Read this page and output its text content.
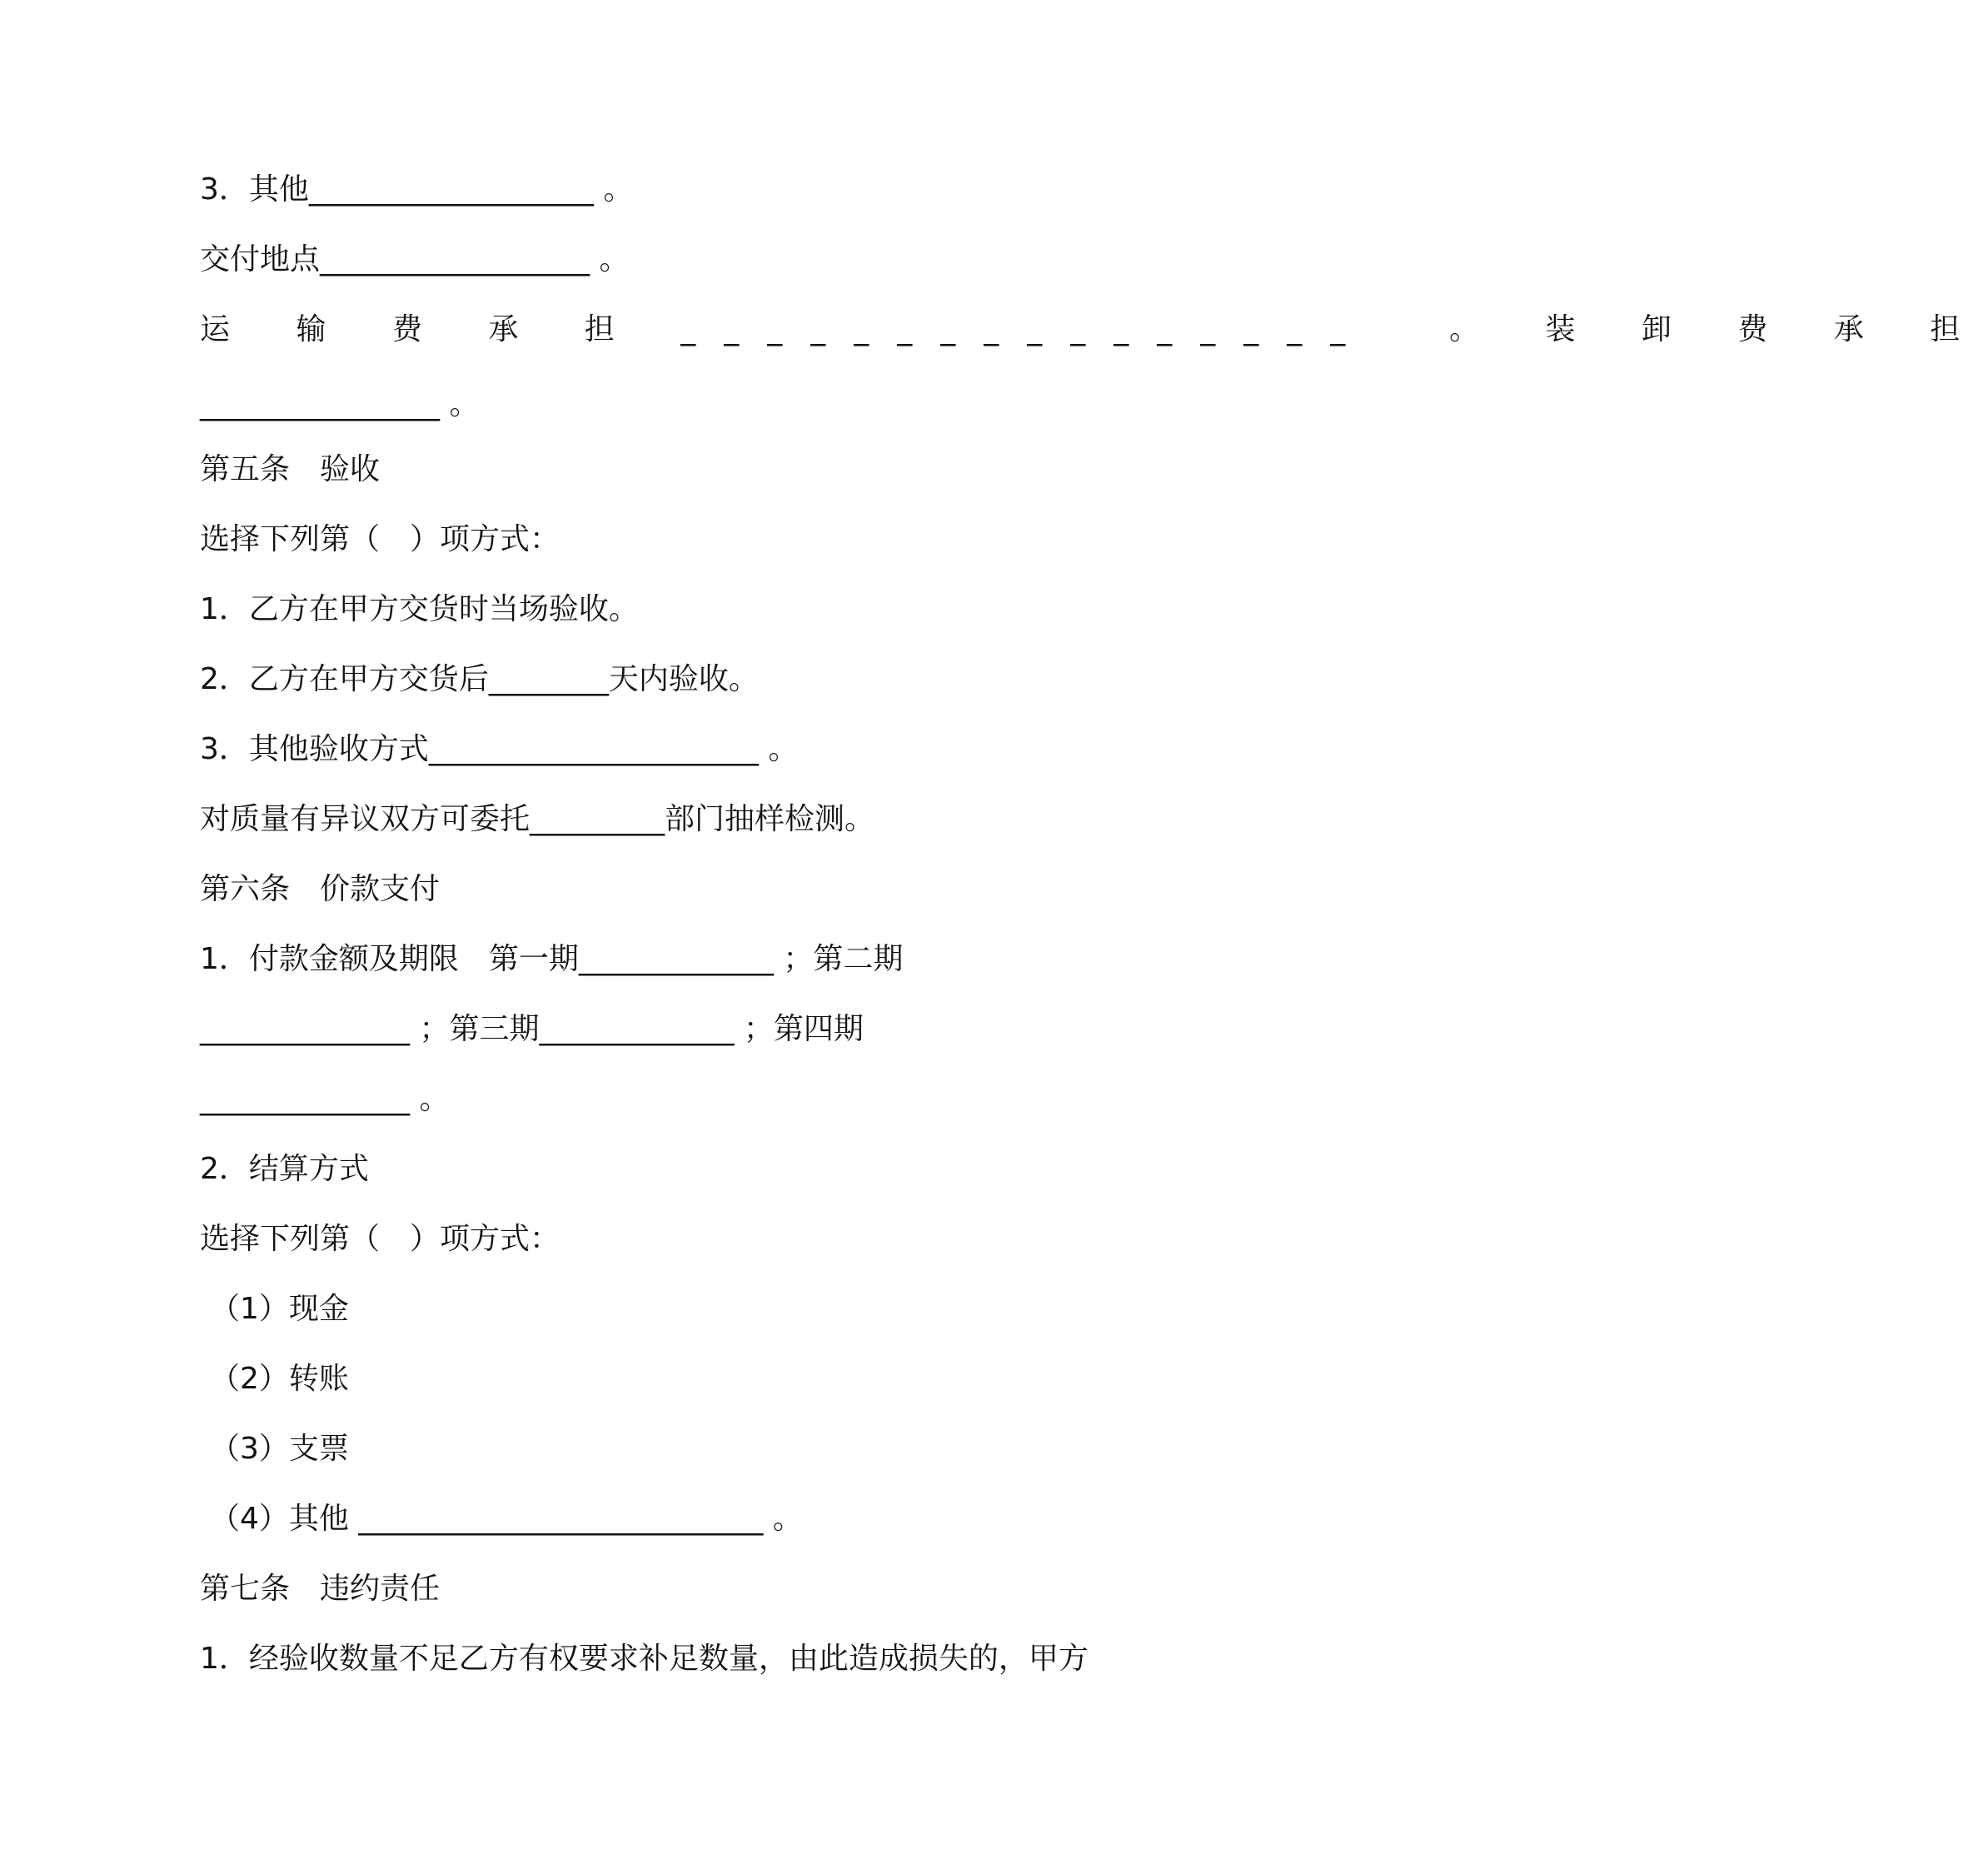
3．其他___________________ 。

交付地点__________________ 。

运 输 费 承 担 ________________  。 装 卸 费 承 担

________________ 。

第五条　验收

选择下列第（　）项方式：

1．乙方在甲方交货时当场验收。

2．乙方在甲方交货后________天内验收。

3．其他验收方式______________________ 。

对质量有异议双方可委托_________部门抽样检测。

第六条　价款支付

1．付款金额及期限　第一期_____________ ；第二期

______________ ；第三期_____________ ；第四期

______________ 。

2．结算方式

选择下列第（　）项方式：

（1）现金

（2）转账

（3）支票

（4）其他 ___________________________ 。

第七条　违约责任

1．经验收数量不足乙方有权要求补足数量，由此造成损失的，甲方
